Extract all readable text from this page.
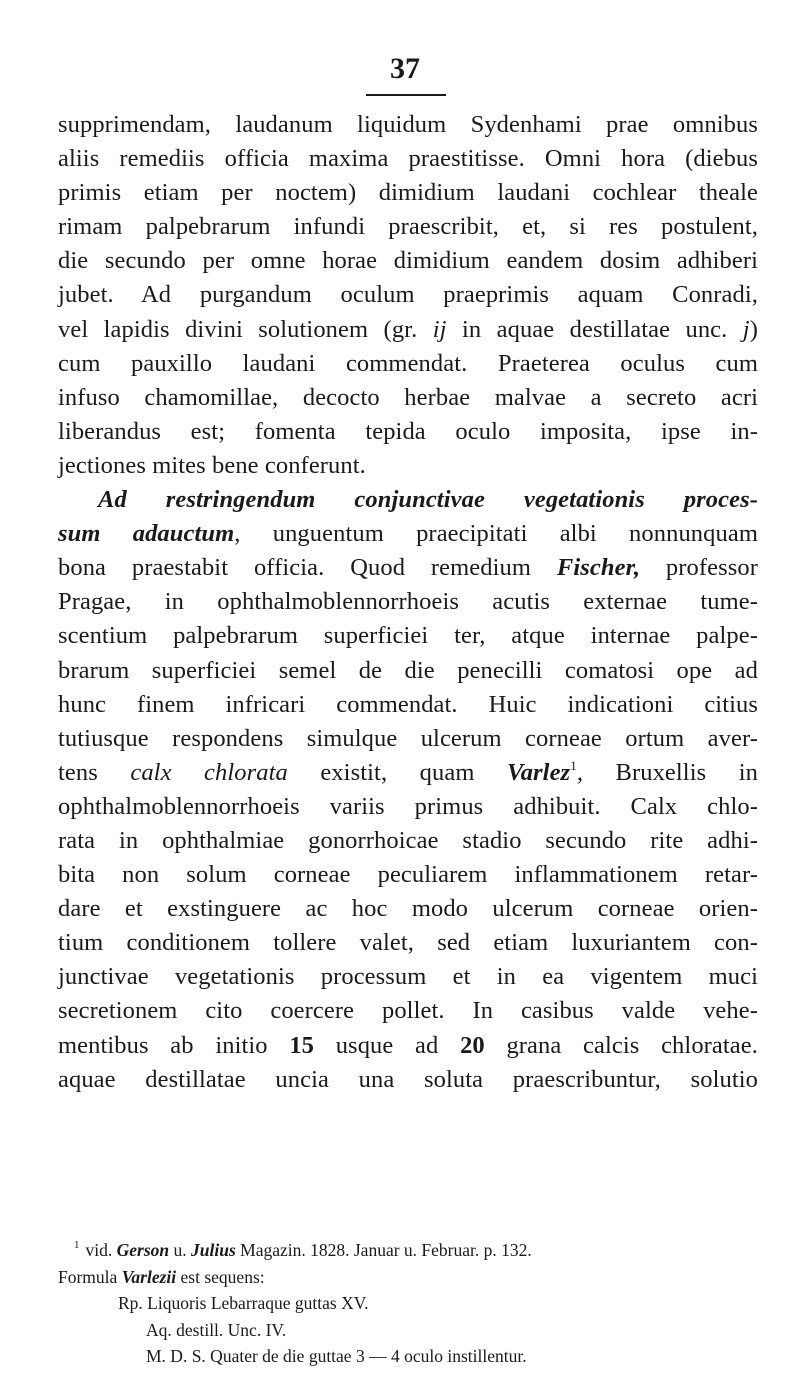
37
supprimendam, laudanum liquidum Sydenhami prae omnibus
aliis remediis officia maxima praestitisse. Omni hora (diebus
primis etiam per noctem) dimidium laudani cochlear theale
rimam palpebrarum infundi praescribit, et, si res postulent,
die secundo per omne horae dimidium eandem dosim adhiberi
jubet. Ad purgandum oculum praeprimis aquam Conradi,
vel lapidis divini solutionem (gr. ij in aquae destillatae unc. j)
cum pauxillo laudani commendat. Praeterea oculus cum
infuso chamomillae, decocto herbae malvae a secreto acri
liberandus est; fomenta tepida oculo imposita, ipse in-
jectiones mites bene conferunt.
Ad restringendum conjunctivae vegetationis proces-
sum adauctum, unguentum praecipitati albi nonnunquam
bona praestabit officia. Quod remedium Fischer, professor
Pragae, in ophthalmoblennorrhoeis acutis externae tume-
scentium palpebrarum superficiei ter, atque internae palpe-
brarum superficiei semel de die penecilli comatosi ope ad
hunc finem infricari commendat. Huic indicationi citius
tutiusque respondens simulque ulcerum corneae ortum aver-
tens calx chlorata existit, quam Varlez$^1$, Bruxellis in
ophthalmoblennorrhoeis variis primus adhibuit. Calx chlo-
rata in ophthalmiae gonorrhoicae stadio secundo rite adhi-
bita non solum corneae peculiarem inflammationem retar-
dare et exstinguere ac hoc modo ulcerum corneae orien-
tium conditionem tollere valet, sed etiam luxuriantem con-
junctivae vegetationis processum et in ea vigentem muci
secretionem cito coercere pollet. In casibus valde vehe-
mentibus ab initio 15 usque ad 20 grana calcis chloratae.
aquae destillatae uncia una soluta praescribuntur, solutio
$^1$ vid. Gerson u. Julius Magazin. 1828. Januar u. Februar. p. 132.
Formula Varlezii est sequens:
Rp. Liquoris Lebarraque guttas XV.
Aq. destill. Unc. IV.
M. D. S. Quater de die guttae 3 — 4 oculo instillentur.
